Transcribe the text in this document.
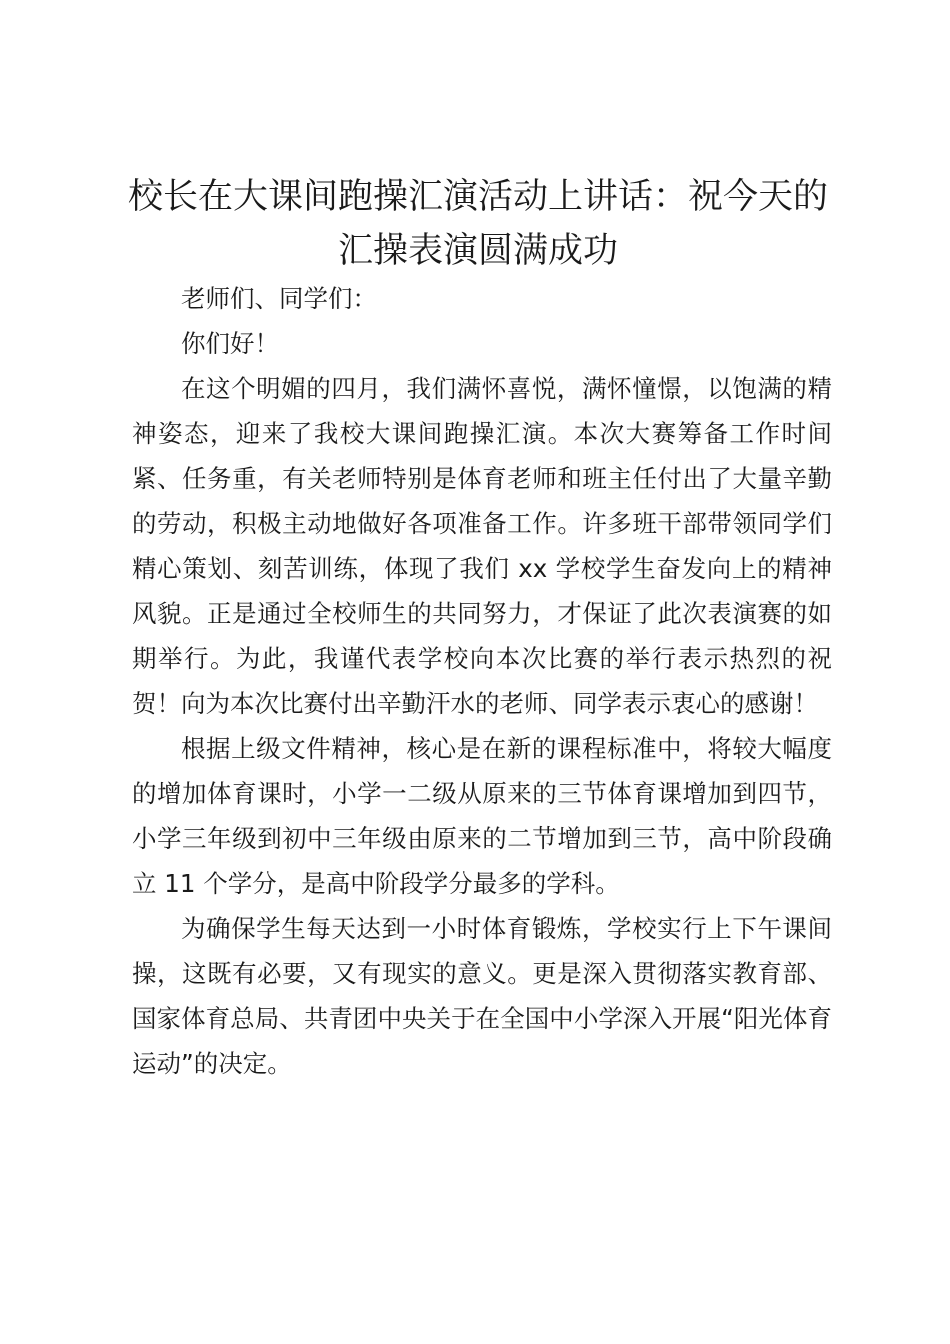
校长在大课间跑操汇演活动上讲话：祝今天的汇操表演圆满成功

老师们、同学们：

你们好！

在这个明媚的四月，我们满怀喜悦，满怀憧憬，以饱满的精神姿态，迎来了我校大课间跑操汇演。本次大赛筹备工作时间紧、任务重，有关老师特别是体育老师和班主任付出了大量辛勤的劳动，积极主动地做好各项准备工作。许多班干部带领同学们精心策划、刻苦训练，体现了我们 xx 学校学生奋发向上的精神风貌。正是通过全校师生的共同努力，才保证了此次表演赛的如期举行。为此，我谨代表学校向本次比赛的举行表示热烈的祝贺！向为本次比赛付出辛勤汗水的老师、同学表示衷心的感谢！

根据上级文件精神，核心是在新的课程标准中，将较大幅度的增加体育课时，小学一二级从原来的三节体育课增加到四节，小学三年级到初中三年级由原来的二节增加到三节，高中阶段确立 11 个学分，是高中阶段学分最多的学科。

为确保学生每天达到一小时体育锻炼，学校实行上下午课间操，这既有必要，又有现实的意义。更是深入贯彻落实教育部、国家体育总局、共青团中央关于在全国中小学深入开展“阳光体育运动”的决定。
